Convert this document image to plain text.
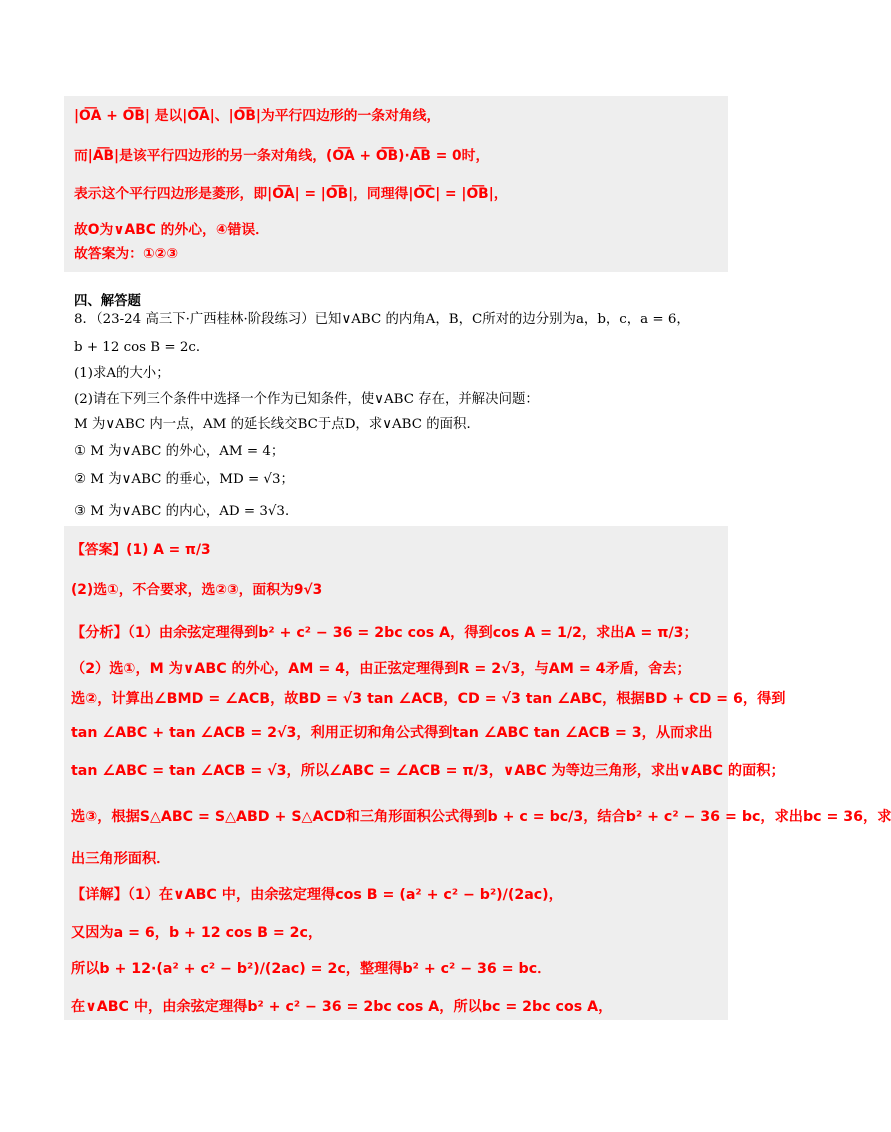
|O͞A + O͞B| 是以|O͞A|、|O͞B|为平行四边形的一条对角线，
而|A͞B|是该平行四边形的另一条对角线，(O͞A + O͞B)·A͞B = 0时，
表示这个平行四边形是菱形，即|O͞A| = |O͞B|，同理得|O͞C| = |O͞B|，
故O为∨ABC 的外心，④错误．
故答案为：①②③
四、解答题
8．（23-24 高三下·广西桂林·阶段练习）已知∨ABC 的内角A，B，C所对的边分别为a，b，c，a = 6，
b + 12 cos B = 2c．
(1)求A的大小；
(2)请在下列三个条件中选择一个作为已知条件，使∨ABC 存在，并解决问题：
M 为∨ABC 内一点，AM 的延长线交BC于点D，求∨ABC 的面积．
① M 为∨ABC 的外心，AM = 4；
② M 为∨ABC 的垂心，MD = √3；
③ M 为∨ABC 的内心，AD = 3√3．
【答案】(1) A = π/3
(2)选①，不合要求，选②③，面积为9√3
【分析】（1）由余弦定理得到b² + c² − 36 = 2bc cos A，得到cos A = 1/2，求出A = π/3；
（2）选①，M 为∨ABC 的外心，AM = 4，由正弦定理得到R = 2√3，与AM = 4矛盾，舍去；
选②，计算出∠BMD = ∠ACB，故BD = √3 tan ∠ACB，CD = √3 tan ∠ABC，根据BD + CD = 6，得到
tan ∠ABC + tan ∠ACB = 2√3，利用正切和角公式得到tan ∠ABC tan ∠ACB = 3，从而求出
tan ∠ABC = tan ∠ACB = √3，所以∠ABC = ∠ACB = π/3，∨ABC 为等边三角形，求出∨ABC 的面积；
选③，根据S△ABC = S△ABD + S△ACD和三角形面积公式得到b + c = bc/3，结合b² + c² − 36 = bc，求出bc = 36，求
出三角形面积．
【详解】（1）在∨ABC 中，由余弦定理得cos B = (a² + c² − b²)/(2ac)，
又因为a = 6，b + 12 cos B = 2c，
所以b + 12·(a² + c² − b²)/(2ac) = 2c，整理得b² + c² − 36 = bc．
在∨ABC 中，由余弦定理得b² + c² − 36 = 2bc cos A，所以bc = 2bc cos A，
